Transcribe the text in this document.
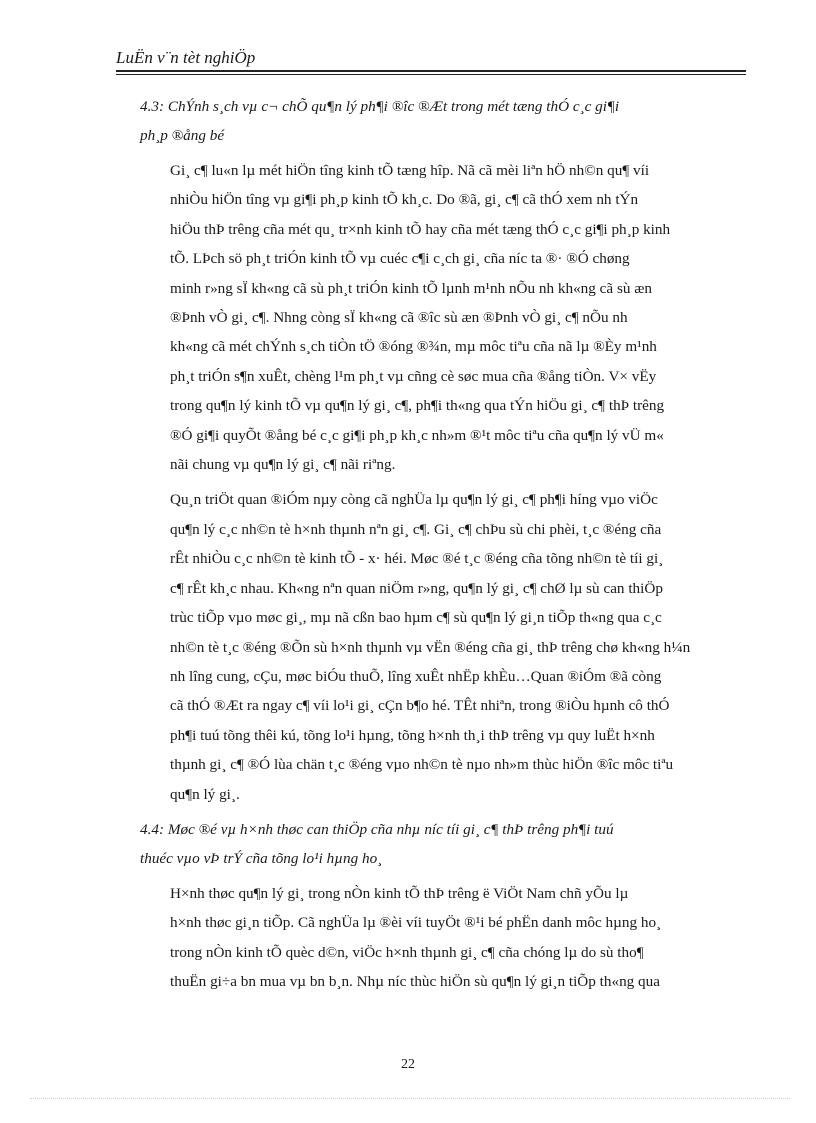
LuËn v¨n tèt nghiÖp
4.3: ChÝnh s¸ch vµ c¬ chÕ qu¶n lý ph¶i ®îc ®Æt trong mét tæng thÓ c¸c gi¶i
ph¸p ®ång bé
Gi¸ c¶ lu«n lµ mét hiÖn tîng kinh tÕ tæng hîp. Nã cã mèi liªn hÖ nh©n qu¶ víi
nhiÒu hiÖn tîng vµ gi¶i ph¸p kinh tÕ kh¸c. Do ®ã, gi¸ c¶ cã thÓ xem nh tÝn
hiÖu thÞ trêng cña mét qu¸ tr×nh kinh tÕ hay cña mét tæng thÓ c¸c gi¶i ph¸p kinh
tÕ. LÞch sö ph¸t triÓn kinh tÕ vµ cuéc c¶i c¸ch gi¸ cña níc ta ®· ®Ó chøng
minh r»ng sÏ kh«ng cã sù ph¸t triÓn kinh tÕ lµnh m¹nh nÕu nh kh«ng cã sù æn
®Þnh vÒ gi¸ c¶. Nhng còng sÏ kh«ng cã ®îc sù æn ®Þnh vÒ gi¸ c¶ nÕu nh
kh«ng cã mét chÝnh s¸ch tiÒn tÖ ®óng ®¾n, mµ môc tiªu cña nã lµ ®Èy m¹nh
ph¸t triÓn s¶n xuÊt, chèng l¹m ph¸t vµ cñng cè søc mua cña ®ång tiÒn. V× vËy
trong qu¶n lý kinh tÕ vµ qu¶n lý gi¸ c¶, ph¶i th«ng qua tÝn hiÖu gi¸ c¶ thÞ trêng
®Ó gi¶i quyÕt ®ång bé c¸c gi¶i ph¸p kh¸c nh»m ®¹t môc tiªu cña qu¶n lý vÜ m«
nãi chung vµ qu¶n lý gi¸ c¶ nãi riªng.
Qu¸n triÖt quan ®iÓm nµy còng cã nghÜa lµ qu¶n lý gi¸ c¶ ph¶i híng vµo viÖc
qu¶n lý c¸c nh©n tè h×nh thµnh nªn gi¸ c¶. Gi¸ c¶ chÞu sù chi phèi, t¸c ®éng cña
rÊt nhiÒu c¸c nh©n tè kinh tÕ - x· héi. Møc ®é t¸c ®éng cña tõng nh©n tè tíi gi¸
c¶ rÊt kh¸c nhau. Kh«ng nªn quan niÖm r»ng, qu¶n lý gi¸ c¶ chØ lµ sù can thiÖp
trùc tiÕp vµo møc gi¸, mµ nã cßn bao hµm c¶ sù qu¶n lý gi¸n tiÕp th«ng qua c¸c
nh©n tè t¸c ®éng ®Õn sù h×nh thµnh vµ vËn ®éng cña gi¸ thÞ trêng chø kh«ng h¼n
nh lîng cung, cÇu, møc biÓu thuÕ, lîng xuÊt nhËp khÈu…Quan ®iÓm ®ã còng
cã thÓ ®Æt ra ngay c¶ víi lo¹i gi¸ cÇn b¶o hé. TÊt nhiªn, trong ®iÒu hµnh cô thÓ
ph¶i tuú tõng thêi kú, tõng lo¹i hµng, tõng h×nh th¸i thÞ trêng vµ quy luËt h×nh
thµnh gi¸ c¶ ®Ó lùa chän t¸c ®éng vµo nh©n tè nµo nh»m thùc hiÖn ®îc môc tiªu
qu¶n lý gi¸.
4.4: Møc ®é vµ h×nh thøc can thiÖp cña nhµ níc tíi gi¸ c¶ thÞ trêng ph¶i tuú
thuéc vµo vÞ trÝ cña tõng lo¹i hµng ho¸
H×nh thøc qu¶n lý gi¸ trong nÒn kinh tÕ thÞ trêng ë ViÖt Nam chñ yÕu lµ
h×nh thøc gi¸n tiÕp. Cã nghÜa lµ ®èi víi tuyÖt ®¹i bé phËn danh môc hµng ho¸
trong nÒn kinh tÕ quèc d©n, viÖc h×nh thµnh gi¸ c¶ cña chóng lµ do sù tho¶
thuËn gi÷a bn mua vµ bn b¸n. Nhµ níc thùc hiÖn sù qu¶n lý gi¸n tiÕp th«ng qua
22
